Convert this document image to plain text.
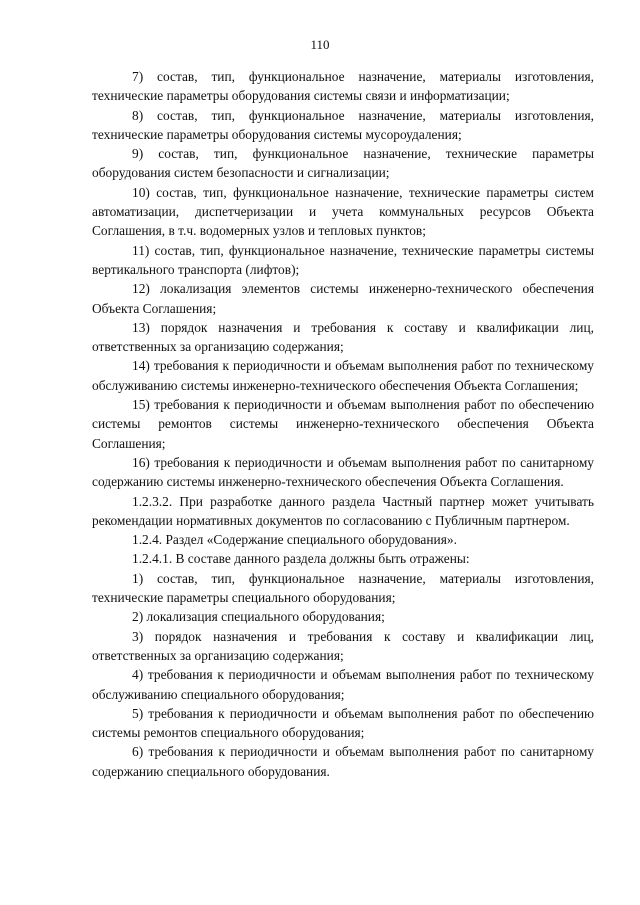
110

7) состав, тип, функциональное назначение, материалы изготовления, технические параметры оборудования системы связи и информатизации;

8) состав, тип, функциональное назначение, материалы изготовления, технические параметры оборудования системы мусороудаления;

9) состав, тип, функциональное назначение, технические параметры оборудования систем безопасности и сигнализации;

10) состав, тип, функциональное назначение, технические параметры систем автоматизации, диспетчеризации и учета коммунальных ресурсов Объекта Соглашения, в т.ч. водомерных узлов и тепловых пунктов;

11) состав, тип, функциональное назначение, технические параметры системы вертикального транспорта (лифтов);

12) локализация элементов системы инженерно-технического обеспечения Объекта Соглашения;

13) порядок назначения и требования к составу и квалификации лиц, ответственных за организацию содержания;

14) требования к периодичности и объемам выполнения работ по техническому обслуживанию системы инженерно-технического обеспечения Объекта Соглашения;

15) требования к периодичности и объемам выполнения работ по обеспечению системы ремонтов системы инженерно-технического обеспечения Объекта Соглашения;

16) требования к периодичности и объемам выполнения работ по санитарному содержанию системы инженерно-технического обеспечения Объекта Соглашения.

1.2.3.2. При разработке данного раздела Частный партнер может учитывать рекомендации нормативных документов по согласованию с Публичным партнером.

1.2.4. Раздел «Содержание специального оборудования».

1.2.4.1. В составе данного раздела должны быть отражены:

1) состав, тип, функциональное назначение, материалы изготовления, технические параметры специального оборудования;

2) локализация специального оборудования;

3) порядок назначения и требования к составу и квалификации лиц, ответственных за организацию содержания;

4) требования к периодичности и объемам выполнения работ по техническому обслуживанию специального оборудования;

5) требования к периодичности и объемам выполнения работ по обеспечению системы ремонтов специального оборудования;

6) требования к периодичности и объемам выполнения работ по санитарному содержанию специального оборудования.
